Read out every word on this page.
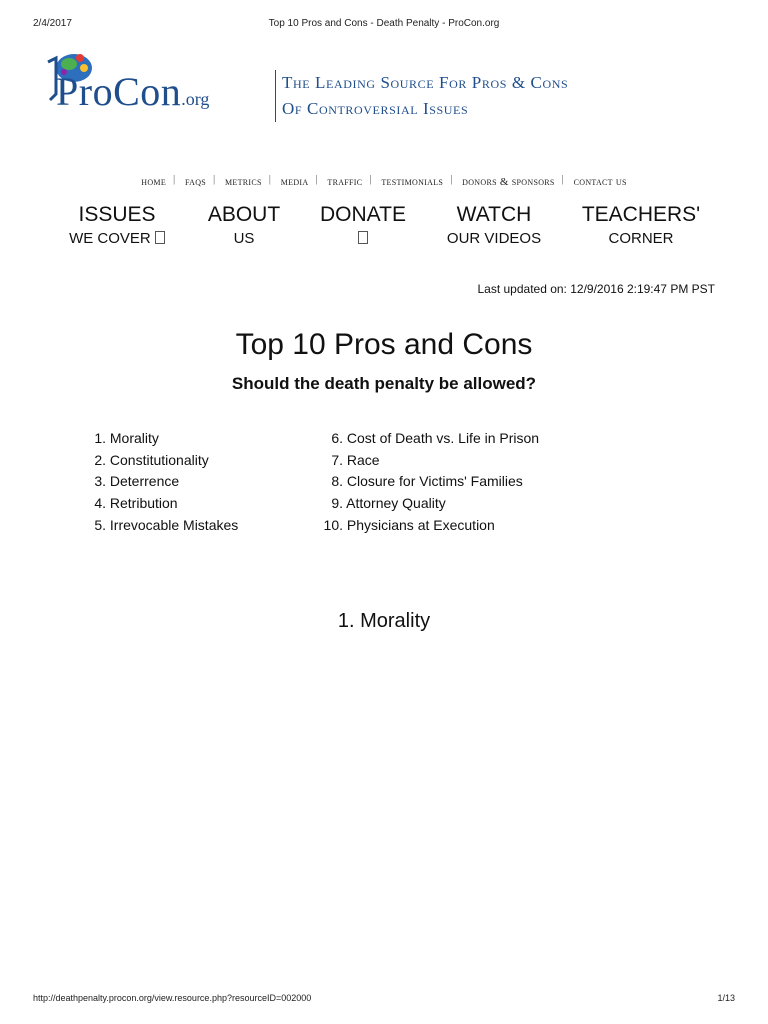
2/4/2017	Top 10 Pros and Cons - Death Penalty - ProCon.org
ProCon.org
The Leading Source For Pros & Cons
Of Controversial Issues
home | faqs | metrics | media | traffic | testimonials | donors & sponsors | contact us
ISSUES
WE COVER
ABOUT
US
DONATE	WATCH
OUR VIDEOS
TEACHERS'
CORNER
Last updated on: 12/9/2016 2:19:47 PM PST
Top 10 Pros and Cons
Should the death penalty be allowed?
1. Morality
2. Constitutionality
3. Deterrence
4. Retribution
5. Irrevocable Mistakes
6. Cost of Death vs. Life in Prison
7. Race
8. Closure for Victims' Families
9. Attorney Quality
10. Physicians at Execution
1. Morality
http://deathpenalty.procon.org/view.resource.php?resourceID=002000	1/13
